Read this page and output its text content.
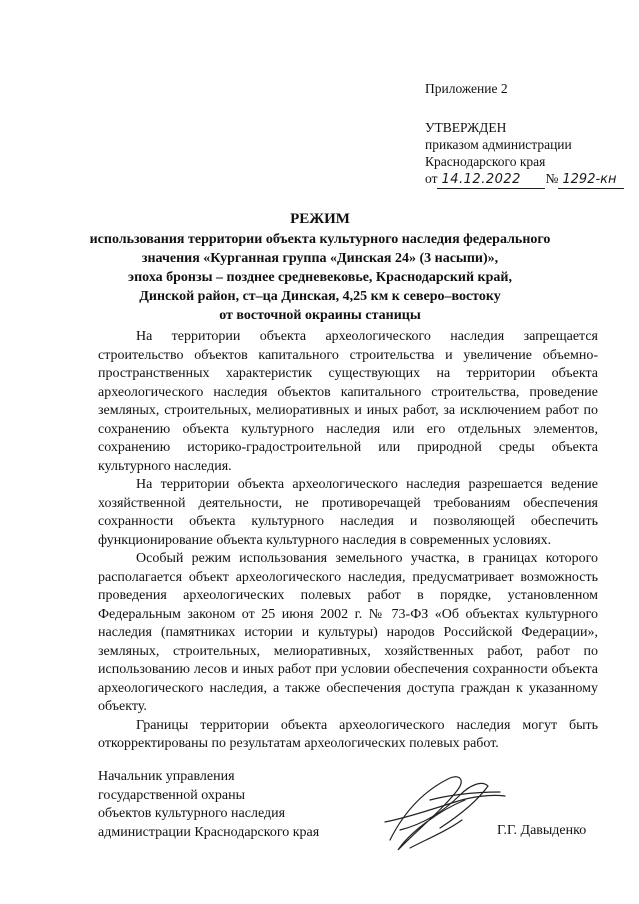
Приложение 2
УТВЕРЖДЕН
приказом администрации
Краснодарского края
от 14.12.2022 № 1292-кн
РЕЖИМ
использования территории объекта культурного наследия федерального
значения «Курганная группа «Динская 24» (3 насыпи)»,
эпоха бронзы – позднее средневековье, Краснодарский край,
Динской район, ст–ца Динская, 4,25 км к северо–востоку
от восточной окраины станицы

На территории объекта археологического наследия запрещается строительство объектов капитального строительства и увеличение объемно-пространственных характеристик существующих на территории объекта археологического наследия объектов капитального строительства, проведение земляных, строительных, мелиоративных и иных работ, за исключением работ по сохранению объекта культурного наследия или его отдельных элементов, сохранению историко-градостроительной или природной среды объекта культурного наследия.

На территории объекта археологического наследия разрешается ведение хозяйственной деятельности, не противоречащей требованиям обеспечения сохранности объекта культурного наследия и позволяющей обеспечить функционирование объекта культурного наследия в современных условиях.

Особый режим использования земельного участка, в границах которого располагается объект археологического наследия, предусматривает возможность проведения археологических полевых работ в порядке, установленном Федеральным законом от 25 июня 2002 г. № 73-ФЗ «Об объектах культурного наследия (памятниках истории и культуры) народов Российской Федерации», земляных, строительных, мелиоративных, хозяйственных работ, работ по использованию лесов и иных работ при условии обеспечения сохранности объекта археологического наследия, а также обеспечения доступа граждан к указанному объекту.

Границы территории объекта археологического наследия могут быть откорректированы по результатам археологических полевых работ.

Начальник управления
государственной охраны
объектов культурного наследия
администрации Краснодарского края	Г.Г. Давыденко
